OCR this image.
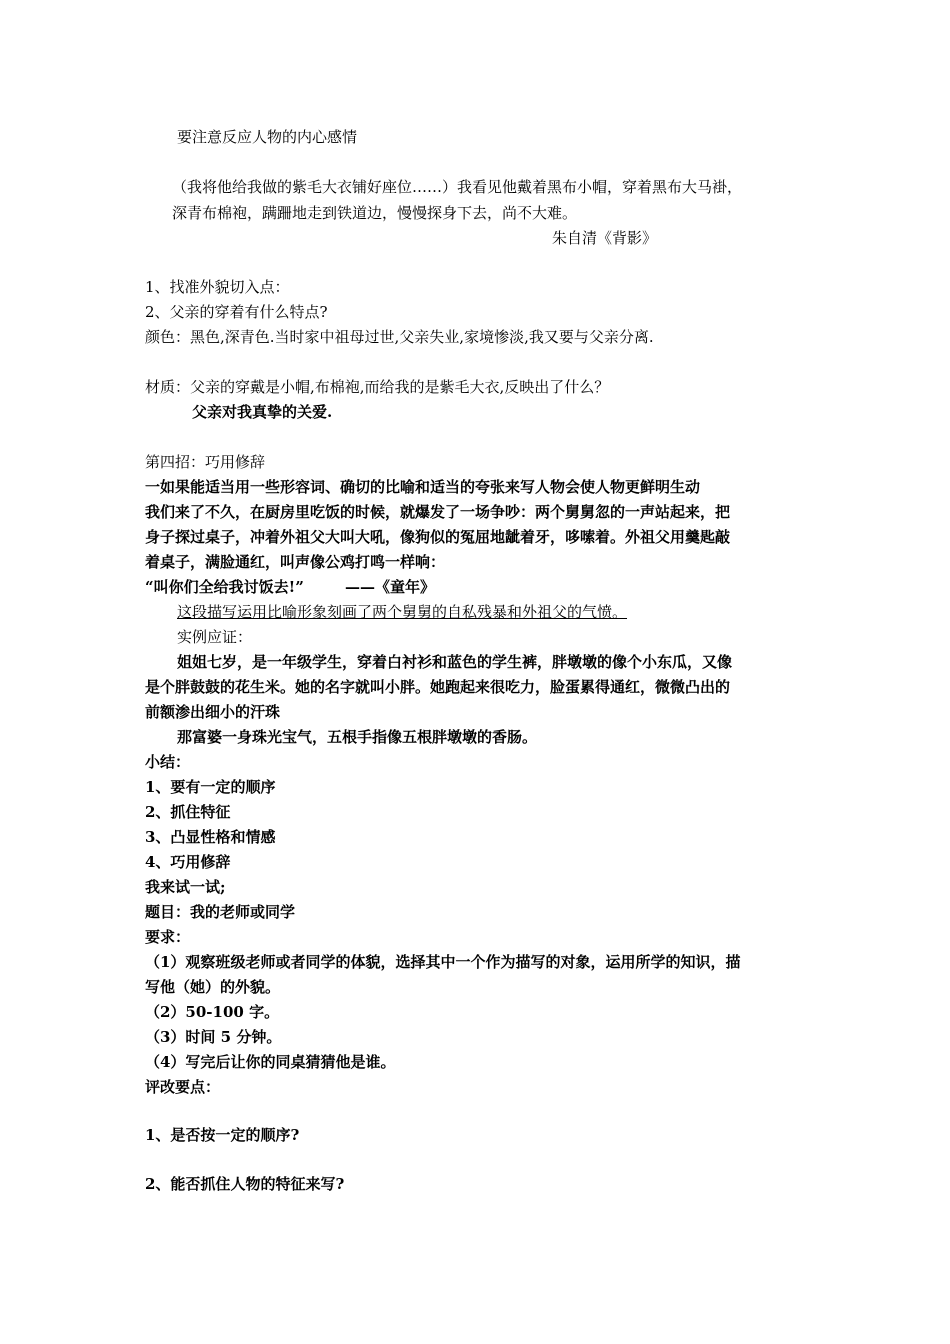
要注意反应人物的内心感情
（我将他给我做的紫毛大衣铺好座位……）我看见他戴着黑布小帽，穿着黑布大马褂，
深青布棉袍，蹒跚地走到铁道边，慢慢探身下去，尚不大难。
朱自清《背影》
1、找准外貌切入点：
2、父亲的穿着有什么特点?
颜色：黑色,深青色.当时家中祖母过世,父亲失业,家境惨淡,我又要与父亲分离.
材质：父亲的穿戴是小帽,布棉袍,而给我的是紫毛大衣,反映出了什么？
父亲对我真挚的关爱.
第四招：巧用修辞
一如果能适当用一些形容词、确切的比喻和适当的夸张来写人物会使人物更鲜明生动
我们来了不久，在厨房里吃饭的时候，就爆发了一场争吵：两个舅舅忽的一声站起来，把
身子探过桌子，冲着外祖父大叫大吼，像狗似的冤屈地龇着牙，哆嗦着。外祖父用羹匙敲
着桌子，满脸通红，叫声像公鸡打鸣一样响：
“叫你们全给我讨饭去!”	——《童年》
这段描写运用比喻形象刻画了两个舅舅的自私残暴和外祖父的气愤。
实例应证：
姐姐七岁，是一年级学生，穿着白衬衫和蓝色的学生裤，胖墩墩的像个小东瓜，又像
是个胖鼓鼓的花生米。她的名字就叫小胖。她跑起来很吃力，脸蛋累得通红，微微凸出的
前额渗出细小的汗珠
那富婆一身珠光宝气，五根手指像五根胖墩墩的香肠。
小结：
1、要有一定的顺序
2、抓住特征
3、凸显性格和情感
4、巧用修辞
我来试一试;
题目：我的老师或同学
要求：
（1）观察班级老师或者同学的体貌，选择其中一个作为描写的对象，运用所学的知识，描
写他（她）的外貌。
（2）50-100 字。
（3）时间 5 分钟。
（4）写完后让你的同桌猜猜他是谁。
评改要点：
1、是否按一定的顺序?
2、能否抓住人物的特征来写?
